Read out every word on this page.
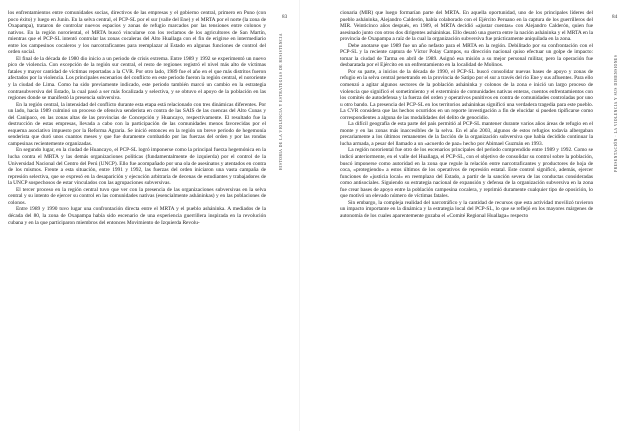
los enfrentamientos entre comunidades socias, directivos de las empresas y el gobierno central, primero en Puno (con poco éxito) y luego en Junín. En la selva central, el PCP-SL por el sur (valle del Ene) y el MRTA por el norte (la zona de Oxapampa), trataron de controlar nuevos espacios y zonas de refugio marcados por las tensiones entre colonos y nativos. En la región nororiental, el MRTA buscó vincularse con los reclamos de los agricultores de San Martín, mientras que el PCP-SL intentó controlar las zonas cocaleras del Alto Huallaga con el fin de erigirse en intermediario entre los campesinos cocaleros y los narcotraficantes para reemplazar al Estado en algunas funciones de control del orden social.

El final de la década de 1980 dio inicio a un periodo de crisis extrema. Entre 1989 y 1992 se experimentó un nuevo pico de violencia. Con excepción de la región sur central, el resto de regiones registró el nivel más alto de víctimas fatales y mayor cantidad de víctimas reportadas a la CVR. Por otro lado, 1989 fue el año en el que más distritos fueron afectados por la violencia. Los principales escenarios del conflicto en este periodo fueron la región central, el nororiente y la ciudad de Lima. Como ha sido previamente indicado, este periodo también marcó un cambio en la estrategia contrasubversiva del Estado, la cual pasó a ser más focalizada y selectiva, y se obtuvo el apoyo de la población en las regiones donde se manifestó la presencia subversiva.

En la región central, la intensidad del conflicto durante esta etapa está relacionado con tres dinámicas diferentes. Por un lado, hacia 1989 culminó un proceso de ofensiva senderista en contra de las SAIS de las cuencas del Alto Cunas y del Canipaco, en las zonas altas de las provincias de Concepción y Huancayo, respectivamente. El resultado fue la destrucción de estas empresas, llevada a cabo con la participación de las comunidades menos favorecidas por el esquema asociativo impuesto por la Reforma Agraria. Se inició entonces en la región un breve periodo de hegemonía senderista que duró unos cuantos meses y que fue duramente combatido por las fuerzas del orden y por las rondas campesinas recientemente organizadas.

En segundo lugar, en la ciudad de Huancayo, el PCP-SL logró imponerse como la principal fuerza hegemónica en la lucha contra el MRTA y las demás organizaciones políticas (fundamentalmente de izquierda) por el control de la Universidad Nacional del Centro del Perú (UNCP). Ello fue acompañado por una ola de asesinatos y atentados en contra de los mismos. Frente a esta situación, entre 1991 y 1992, las fuerzas del orden iniciaron una vasta campaña de represión selectiva, que se expresó en la desaparición y ejecución arbitraria de decenas de estudiantes y trabajadores de la UNCP sospechosos de estar vinculados con las agrupaciones subversivas.

El tercer proceso en la región central tuvo que ver con la presencia de las organizaciones subversivas en la selva central y su intento de ejercer su control en las comunidades nativas (esencialmente asháninkas) y en las poblaciones de colonos.

Entre 1989 y 1990 tuvo lugar una confrontación directa entre el MRTA y el pueblo asháninka. A mediados de la década del 80, la zona de Oxapampa había sido escenario de una experiencia guerrillera inspirada en la revolución cubana y en la que participaron miembros del entonces Movimiento de Izquierda Revolu-

83
HISTORIA DE LA VIOLENCIA Y ESTRATEGIAS DE RESISTENCIA
84
PRESENTACIÓN · LA VIOLENCIA Y SUS DIMENSIONES

cionaria (MIR) que luego formarían parte del MRTA. En aquella oportunidad, uno de los principales líderes del pueblo asháninka, Alejandro Calderón, había colaborado con el Ejército Peruano en la captura de los guerrilleros del MIR. Veinticinco años después, en 1989, el MRTA decidió «ajustar cuentas» con Alejandro Calderón, quien fue asesinado junto con otros dos dirigentes asháninkas. Ello desató una guerra entre la nación asháninka y el MRTA en la provincia de Oxapampa a raíz de la cual la organización subversiva fue prácticamente aniquilada en la zona.

Debe anotarse que 1989 fue un año nefasto para el MRTA en la región. Debilitado por su confrontación con el PCP-SL y la reciente captura de Víctor Polay Campos, su dirección nacional quiso efectuar un golpe de impacto: tomar la ciudad de Tarma en abril de 1989. Asignó esa misión a su mejor personal militar, pero la operación fue desbaratada por el Ejército en un enfrentamiento en la localidad de Molinos.

Por su parte, a inicios de la década de 1990, el PCP-SL buscó consolidar nuevas bases de apoyo y zonas de refugio en la selva central penetrando en la provincia de Satipo por el sur a través del río Ene y sus afluentes. Para ello comenzó a agitar algunos sectores de la población asháninka y colonos de la zona e inició un largo proceso de violencia que significó el sometimiento y el exterminio de comunidades nativas enteras, cuentos enfrentamientos con los comités de autodefensa y la fuerza del orden y operativos punitivos en contra de comunidades controladas por uno u otro bando. La presencia del PCP-SL en los territorios asháninkas significó una verdadera tragedia para este pueblo. La CVR considera que las hechos ocurridos en un reporte investigación a fin de elucidar si pueden tipificarse como correspondientes a alguna de las modalidades del delito de genocidio.

La difícil geografía de esta parte del país permitió al PCP-SL mantener durante varios años áreas de refugio en el monte y en las zonas más inaccesibles de la selva. En el año 2003, algunos de estos refugios todavía albergaban precariamente a los últimos remanentes de la facción de la organización subversiva que había decidido continuar la lucha armada, a pesar del llamado a un «acuerdo de paz» hecho por Abimael Guzmán en 1993.

La región nororiental fue otro de los escenarios principales del periodo comprendido entre 1989 y 1992. Como se indicó anteriormente, en el valle del Huallaga, el PCP-SL, con el objetivo de consolidar su control sobre la población, buscó imponerse como autoridad en la zona que regule la relación entre narcotraficantes y productores de hoja de coca, «protegiendo» a estos últimos de los operativos de represión estatal. Este control significó, además, ejercer funciones de «justicia local» en reemplazo del Estado, a partir de la sanción severa de las conductas consideradas como antisociales. Siguiendo su estrategia nacional de expansión y defensa de la organización subversiva en la zona fue crear bases de apoyo entre la población campesina cocalera, y reprimió duramente cualquier tipo de oposición, lo que motivó un elevado número de víctimas fatales.

Sin embargo, la compleja realidad del narcotráfico y la cantidad de recursos que esta actividad movilizó tuvieron un impacto importante en la dinámica y la estrategia local del PCP-SL, lo que se reflejó en los mayores márgenes de autonomía de los cuales aparentemente gozaba el «Comité Regional Huallaga» respecto
